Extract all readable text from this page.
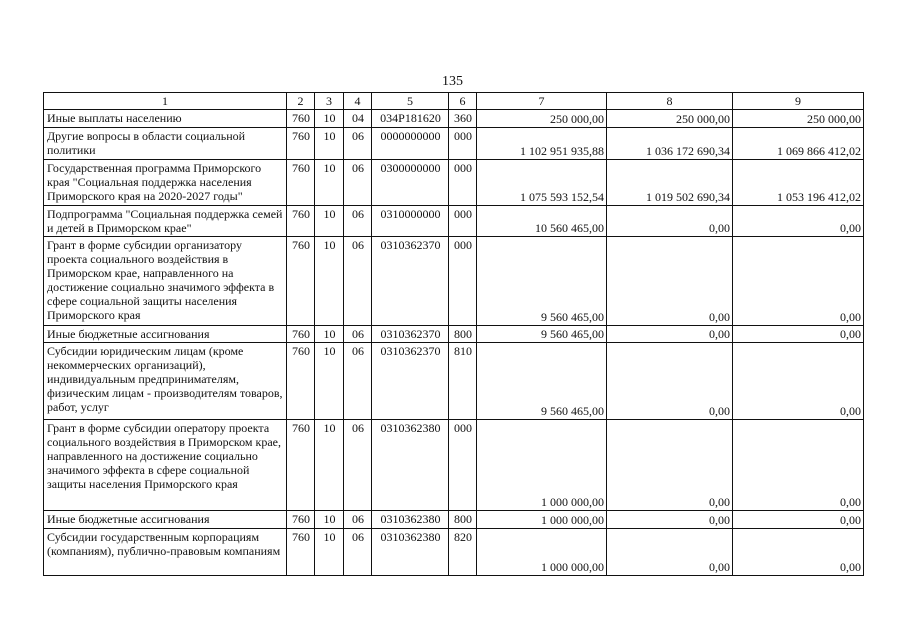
135
1	2	3	4	5	6	7	8	9
Иные выплаты населению	760	10	04	034P181620	360	250 000,00	250 000,00	250 000,00
Другие вопросы в области социальной политики	760	10	06	0000000000	000	1 102 951 935,88	1 036 172 690,34	1 069 866 412,02
Государственная программа Приморского края "Социальная поддержка населения Приморского края на 2020-2027 годы"	760	10	06	0300000000	000	1 075 593 152,54	1 019 502 690,34	1 053 196 412,02
Подпрограмма "Социальная поддержка семей и детей в Приморском крае"	760	10	06	0310000000	000	10 560 465,00	0,00	0,00
Грант в форме субсидии организатору проекта социального воздействия в Приморском крае, направленного на достижение социально значимого эффекта в сфере социальной защиты населения Приморского края	760	10	06	0310362370	000	9 560 465,00	0,00	0,00
Иные бюджетные ассигнования	760	10	06	0310362370	800	9 560 465,00	0,00	0,00
Субсидии юридическим лицам (кроме некоммерческих организаций), индивидуальным предпринимателям, физическим лицам - производителям товаров, работ, услуг	760	10	06	0310362370	810	9 560 465,00	0,00	0,00
Грант в форме субсидии оператору проекта социального воздействия в Приморском крае, направленного на достижение социально значимого эффекта в сфере социальной защиты населения Приморского края	760	10	06	0310362380	000	1 000 000,00	0,00	0,00
Иные бюджетные ассигнования	760	10	06	0310362380	800	1 000 000,00	0,00	0,00
Субсидии государственным корпорациям (компаниям), публично-правовым компаниям	760	10	06	0310362380	820	1 000 000,00	0,00	0,00
